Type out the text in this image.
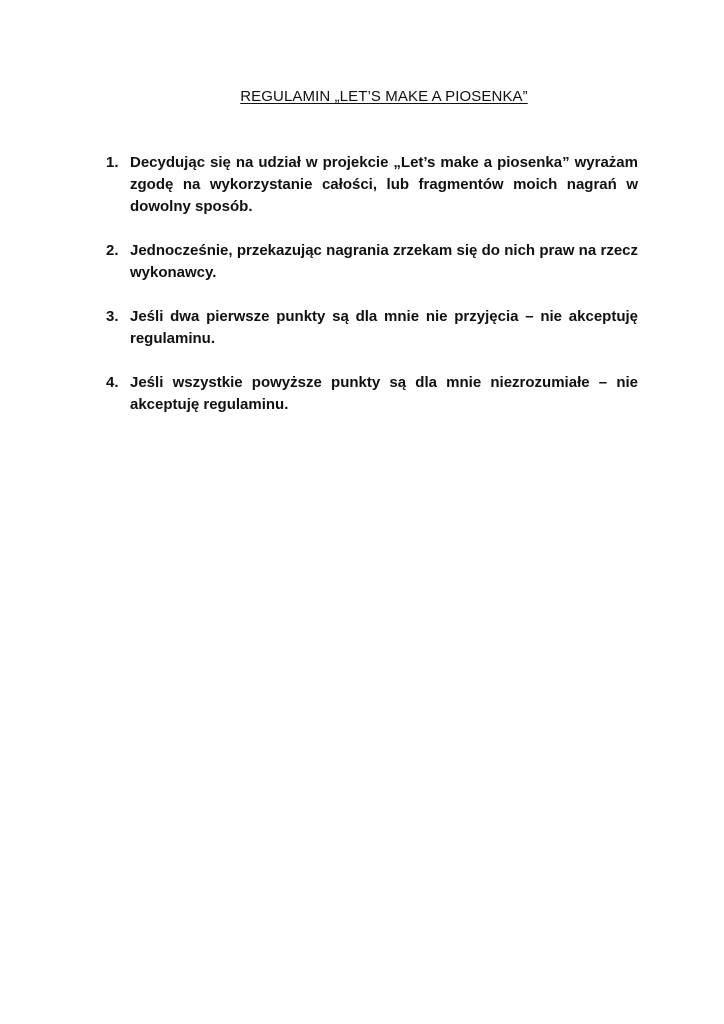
REGULAMIN „LET’S MAKE A PIOSENKA”
1. Decydując się na udział w projekcie „Let’s make a piosenka” wyrażam zgodę na wykorzystanie całości, lub fragmentów moich nagrań w dowolny sposób.
2. Jednocześnie, przekazując nagrania zrzekam się do nich praw na rzecz wykonawcy.
3. Jeśli dwa pierwsze punkty są dla mnie nie przyjęcia – nie akceptuję regulaminu.
4. Jeśli wszystkie powyższe punkty są dla mnie niezrozumiałe – nie akceptuję regulaminu.
